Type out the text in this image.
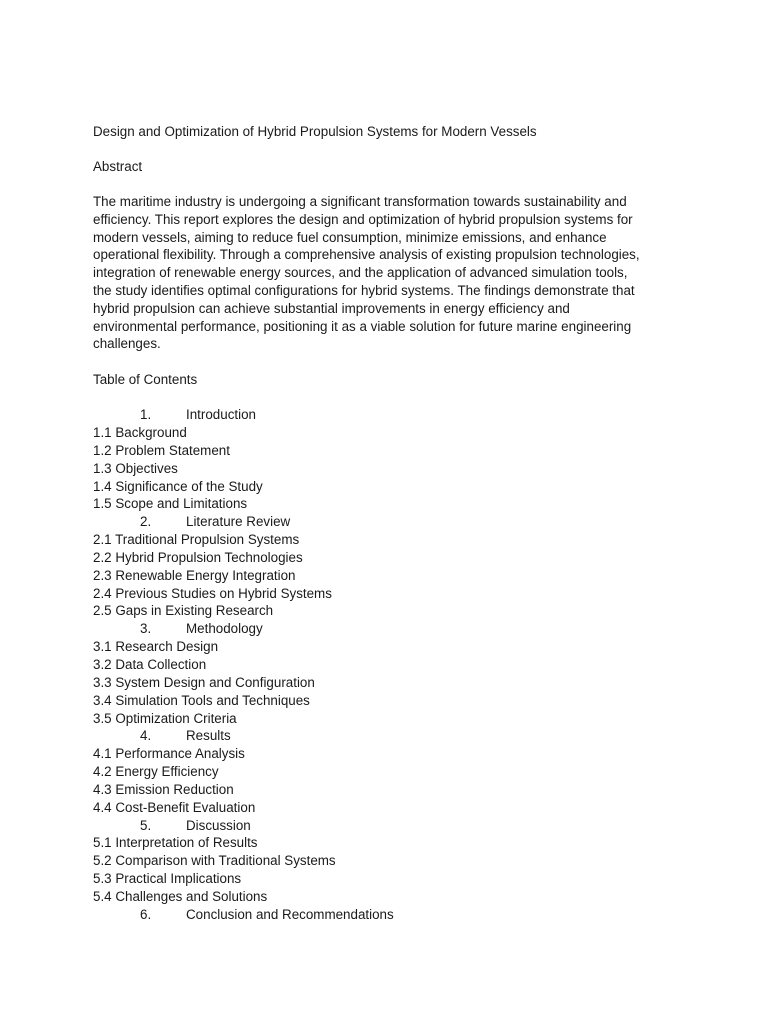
Design and Optimization of Hybrid Propulsion Systems for Modern Vessels
Abstract
The maritime industry is undergoing a significant transformation towards sustainability and
efficiency. This report explores the design and optimization of hybrid propulsion systems for
modern vessels, aiming to reduce fuel consumption, minimize emissions, and enhance
operational flexibility. Through a comprehensive analysis of existing propulsion technologies,
integration of renewable energy sources, and the application of advanced simulation tools,
the study identifies optimal configurations for hybrid systems. The findings demonstrate that
hybrid propulsion can achieve substantial improvements in energy efficiency and
environmental performance, positioning it as a viable solution for future marine engineering
challenges.
Table of Contents
1.	Introduction
1.1 Background
1.2 Problem Statement
1.3 Objectives
1.4 Significance of the Study
1.5 Scope and Limitations
2.	Literature Review
2.1 Traditional Propulsion Systems
2.2 Hybrid Propulsion Technologies
2.3 Renewable Energy Integration
2.4 Previous Studies on Hybrid Systems
2.5 Gaps in Existing Research
3.	Methodology
3.1 Research Design
3.2 Data Collection
3.3 System Design and Configuration
3.4 Simulation Tools and Techniques
3.5 Optimization Criteria
4.	Results
4.1 Performance Analysis
4.2 Energy Efficiency
4.3 Emission Reduction
4.4 Cost-Benefit Evaluation
5.	Discussion
5.1 Interpretation of Results
5.2 Comparison with Traditional Systems
5.3 Practical Implications
5.4 Challenges and Solutions
6.	Conclusion and Recommendations
